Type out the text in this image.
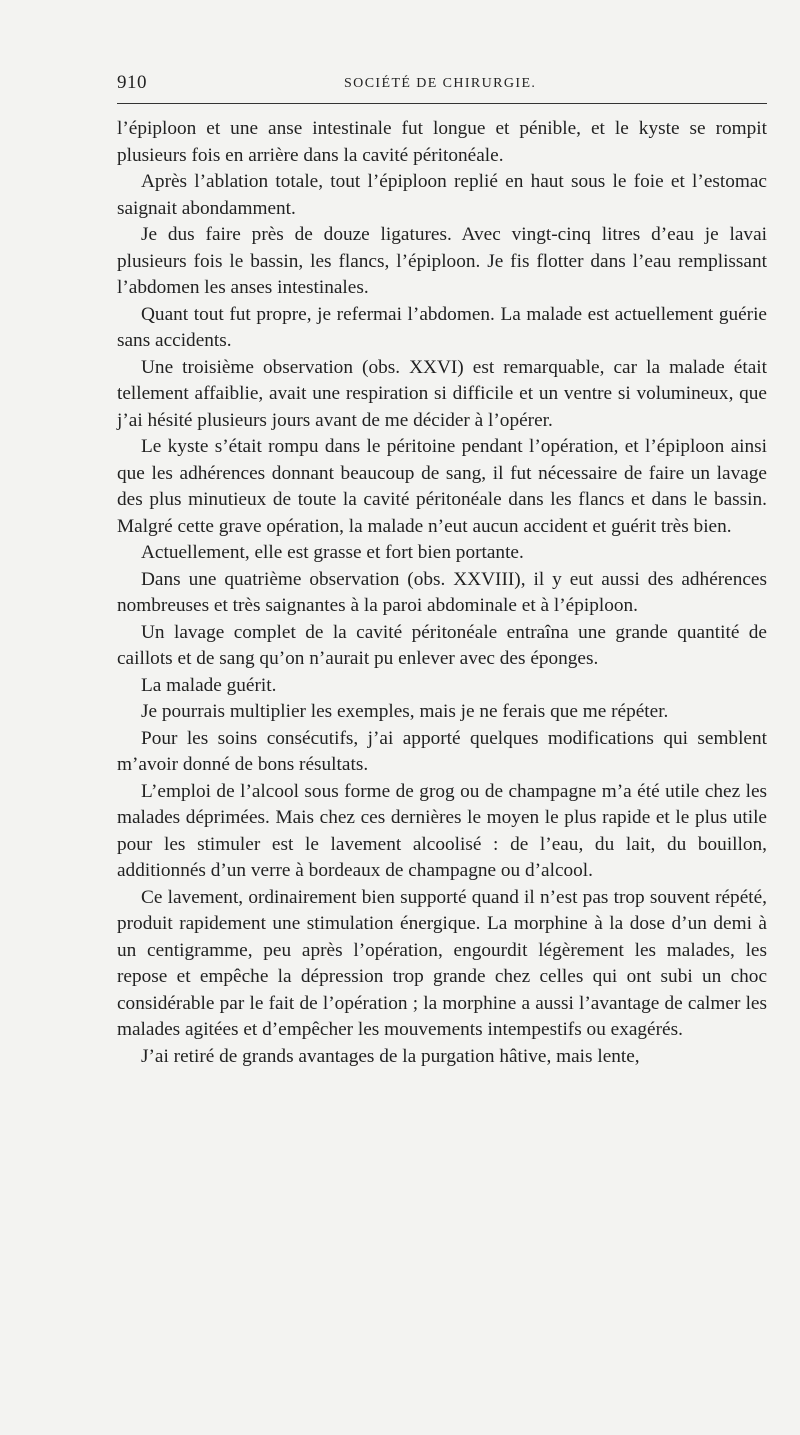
910	SOCIÉTÉ DE CHIRURGIE.

l’épiploon et une anse intestinale fut longue et pénible, et le kyste se rompit plusieurs fois en arrière dans la cavité péritonéale.

Après l’ablation totale, tout l’épiploon replié en haut sous le foie et l’estomac saignait abondamment.

Je dus faire près de douze ligatures. Avec vingt-cinq litres d’eau je lavai plusieurs fois le bassin, les flancs, l’épiploon. Je fis flotter dans l’eau remplissant l’abdomen les anses intestinales.

Quant tout fut propre, je refermai l’abdomen. La malade est actuellement guérie sans accidents.

Une troisième observation (obs. XXVI) est remarquable, car la malade était tellement affaiblie, avait une respiration si difficile et un ventre si volumineux, que j’ai hésité plusieurs jours avant de me décider à l’opérer.

Le kyste s’était rompu dans le péritoine pendant l’opération, et l’épiploon ainsi que les adhérences donnant beaucoup de sang, il fut nécessaire de faire un lavage des plus minutieux de toute la cavité péritonéale dans les flancs et dans le bassin. Malgré cette grave opération, la malade n’eut aucun accident et guérit très bien.

Actuellement, elle est grasse et fort bien portante.

Dans une quatrième observation (obs. XXVIII), il y eut aussi des adhérences nombreuses et très saignantes à la paroi abdominale et à l’épiploon.

Un lavage complet de la cavité péritonéale entraîna une grande quantité de caillots et de sang qu’on n’aurait pu enlever avec des éponges.

La malade guérit.

Je pourrais multiplier les exemples, mais je ne ferais que me répéter.

Pour les soins consécutifs, j’ai apporté quelques modifications qui semblent m’avoir donné de bons résultats.

L’emploi de l’alcool sous forme de grog ou de champagne m’a été utile chez les malades déprimées. Mais chez ces dernières le moyen le plus rapide et le plus utile pour les stimuler est le lavement alcoolisé : de l’eau, du lait, du bouillon, additionnés d’un verre à bordeaux de champagne ou d’alcool.

Ce lavement, ordinairement bien supporté quand il n’est pas trop souvent répété, produit rapidement une stimulation énergique. La morphine à la dose d’un demi à un centigramme, peu après l’opération, engourdit légèrement les malades, les repose et empêche la dépression trop grande chez celles qui ont subi un choc considérable par le fait de l’opération ; la morphine a aussi l’avantage de calmer les malades agitées et d’empêcher les mouvements intempestifs ou exagérés.

J’ai retiré de grands avantages de la purgation hâtive, mais lente,
